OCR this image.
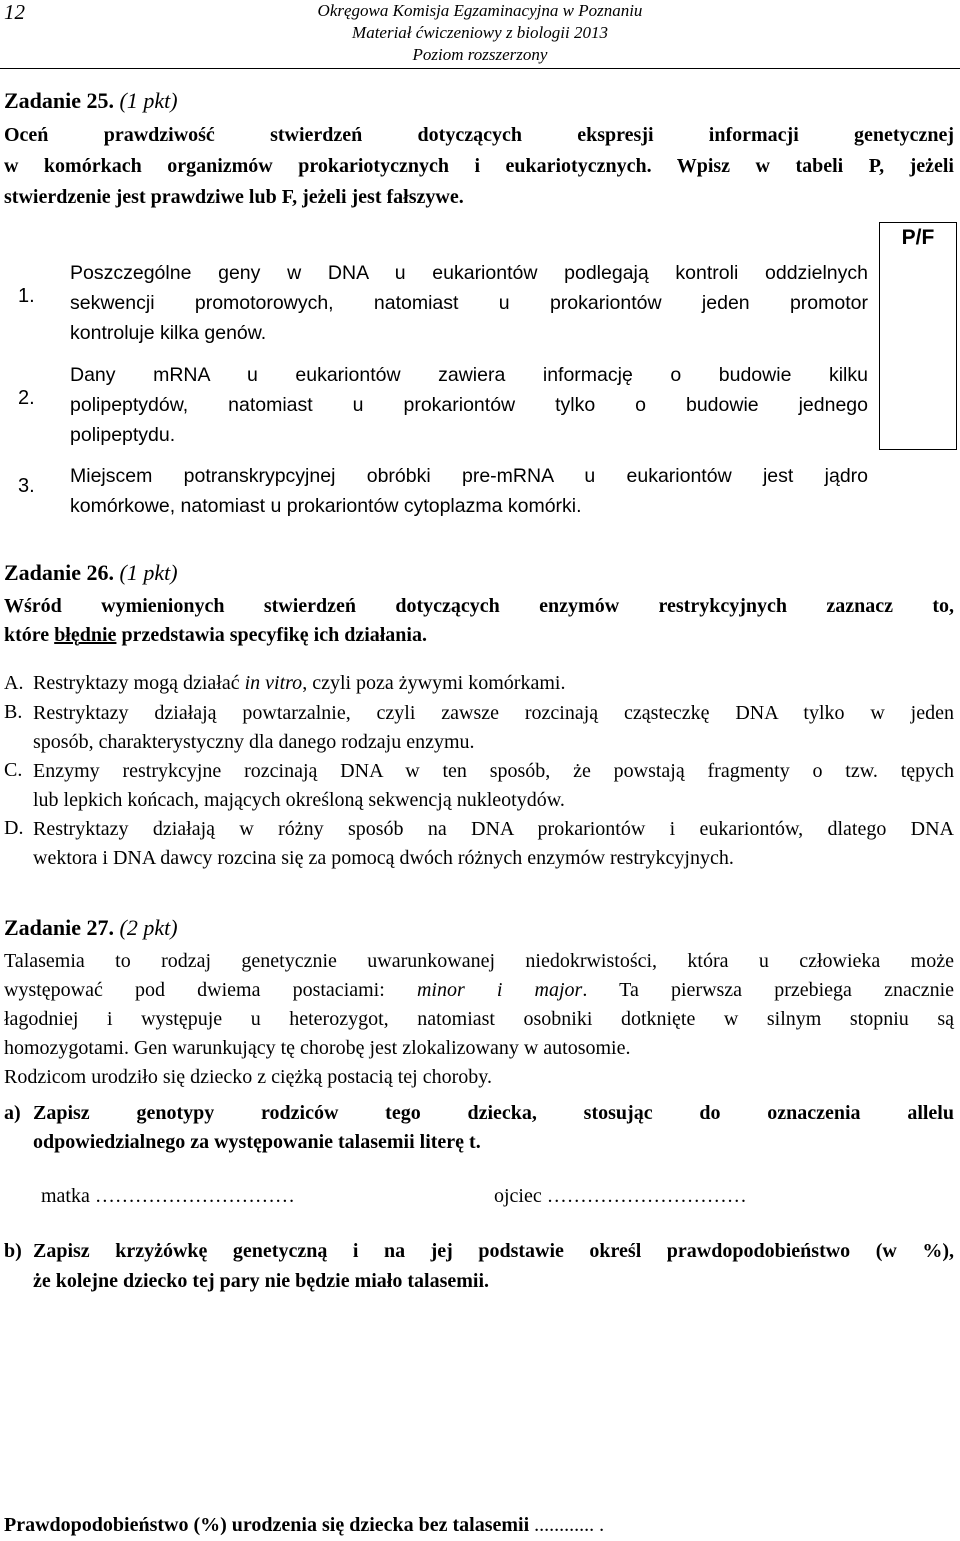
12	Okręgowa Komisja Egzaminacyjna w Poznaniu
Materiał ćwiczeniowy z biologii 2013
Poziom rozszerzony
Zadanie 25. (1 pkt)
Oceń prawdziwość stwierdzeń dotyczących ekspresji informacji genetycznej
w komórkach organizmów prokariotycznych i eukariotycznych. Wpisz w tabeli P, jeżeli
stwierdzenie jest prawdziwe lub F, jeżeli jest fałszywe.
P/F
1.
Poszczególne geny w DNA u eukariontów podlegają kontroli oddzielnych
sekwencji promotorowych, natomiast u prokariontów jeden promotor
kontroluje kilka genów.
2.
Dany mRNA u eukariontów zawiera informację o budowie kilku
polipeptydów, natomiast u prokariontów tylko o budowie jednego
polipeptydu.
3. Miejscem potranskrypcyjnej obróbki pre-mRNA u eukariontów jest jądro
komórkowe, natomiast u prokariontów cytoplazma komórki.
Zadanie 26. (1 pkt)
Wśród wymienionych stwierdzeń dotyczących enzymów restrykcyjnych zaznacz to,
które błędnie przedstawia specyfikę ich działania.
A. Restryktazy mogą działać in vitro, czyli poza żywymi komórkami.
B. Restryktazy działają powtarzalnie, czyli zawsze rozcinają cząsteczkę DNA tylko w jeden
sposób, charakterystyczny dla danego rodzaju enzymu.
C. Enzymy restrykcyjne rozcinają DNA w ten sposób, że powstają fragmenty o tzw. tępych
lub lepkich końcach, mających określoną sekwencją nukleotydów.
D. Restryktazy działają w różny sposób na DNA prokariontów i eukariontów, dlatego DNA
wektora i DNA dawcy rozcina się za pomocą dwóch różnych enzymów restrykcyjnych.
Zadanie 27. (2 pkt)
Talasemia to rodzaj genetycznie uwarunkowanej niedokrwistości, która u człowieka może
występować pod dwiema postaciami: minor i major. Ta pierwsza przebiega znacznie
łagodniej i występuje u heterozygot, natomiast osobniki dotknięte w silnym stopniu są
homozygotami. Gen warunkujący tę chorobę jest zlokalizowany w autosomie.
Rodzicom urodziło się dziecko z ciężką postacią tej choroby.
a) Zapisz genotypy rodziców tego dziecka, stosując do oznaczenia allelu
odpowiedzialnego za występowanie talasemii literę t.
matka …………………………	ojciec …………………………
b) Zapisz krzyżówkę genetyczną i na jej podstawie określ prawdopodobieństwo (w %),
że kolejne dziecko tej pary nie będzie miało talasemii.
Prawdopodobieństwo (%) urodzenia się dziecka bez talasemii ............ .
